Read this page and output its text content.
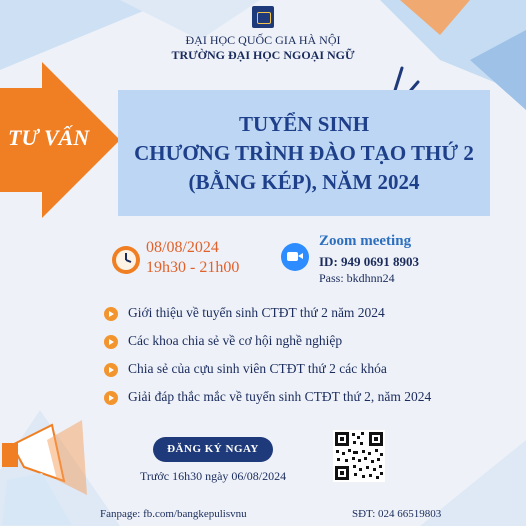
ĐẠI HỌC QUỐC GIA HÀ NỘI
TRƯỜNG ĐẠI HỌC NGOẠI NGỮ
TƯ VẤN
TUYỂN SINH
CHƯƠNG TRÌNH ĐÀO TẠO THỨ 2
(BẰNG KÉP), NĂM 2024
08/08/2024
19h30 - 21h00
Zoom meeting
ID: 949 0691 8903
Pass: bkdhnn24
Giới thiệu về tuyển sinh CTĐT thứ 2 năm 2024
Các khoa chia sẻ về cơ hội nghề nghiệp
Chia sẻ của cựu sinh viên CTĐT thứ 2 các khóa
Giải đáp thắc mắc về tuyển sinh CTĐT thứ 2, năm 2024
ĐĂNG KÝ NGAY
Trước 16h30 ngày 06/08/2024
Fanpage: fb.com/bangkepulisvnu	SĐT: 024 66519803
